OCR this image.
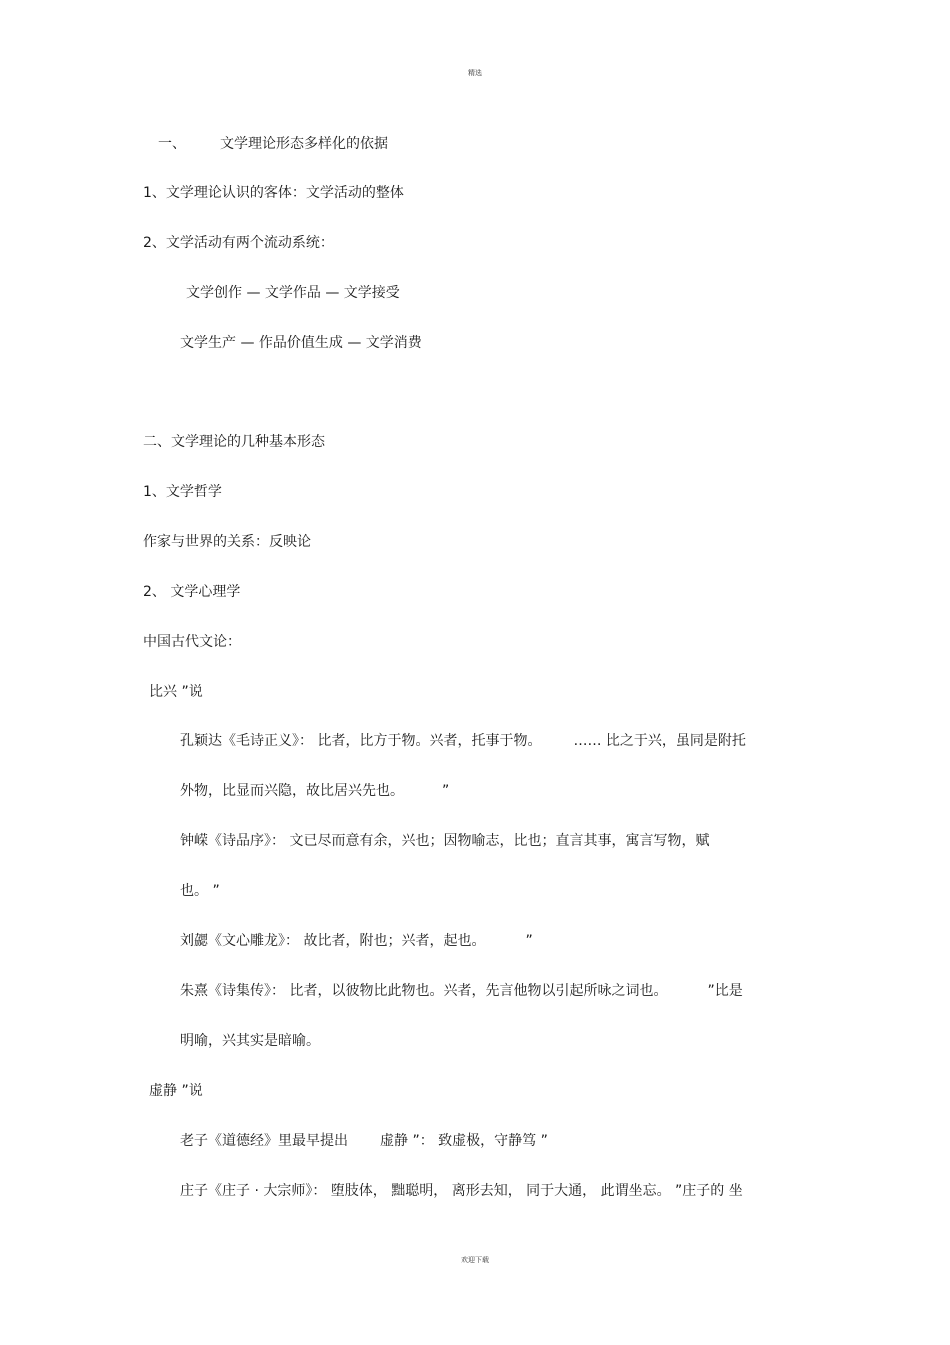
精选
一、 文学理论形态多样化的依据
1、文学理论认识的客体：文学活动的整体
2、文学活动有两个流动系统：
文学创作 — 文学作品 — 文学接受
文学生产 — 作品价值生成 — 文学消费
二、文学理论的几种基本形态
1、文学哲学
作家与世界的关系：反映论
2、 文学心理学
中国古代文论：
比兴 ”说
孔颖达《毛诗正义》： 比者，比方于物。兴者，托事于物。 …… 比之于兴，虽同是附托
外物，比显而兴隐，故比居兴先也。	”
钟嵘《诗品序》： 文已尽而意有余，兴也；因物喻志，比也；直言其事，寓言写物，赋
也。 ”
刘勰《文心雕龙》： 故比者，附也；兴者，起也。	”
朱熹《诗集传》： 比者，以彼物比此物也。兴者，先言他物以引起所咏之词也。	”比是
明喻，兴其实是暗喻。
虚静 ”说
老子《道德经》里最早提出 虚静 ”： 致虚极，守静笃 ”
庄子《庄子 · 大宗师》： 堕肢体， 黜聪明， 离形去知， 同于大通， 此谓坐忘。 ”庄子的 坐
欢迎下载
